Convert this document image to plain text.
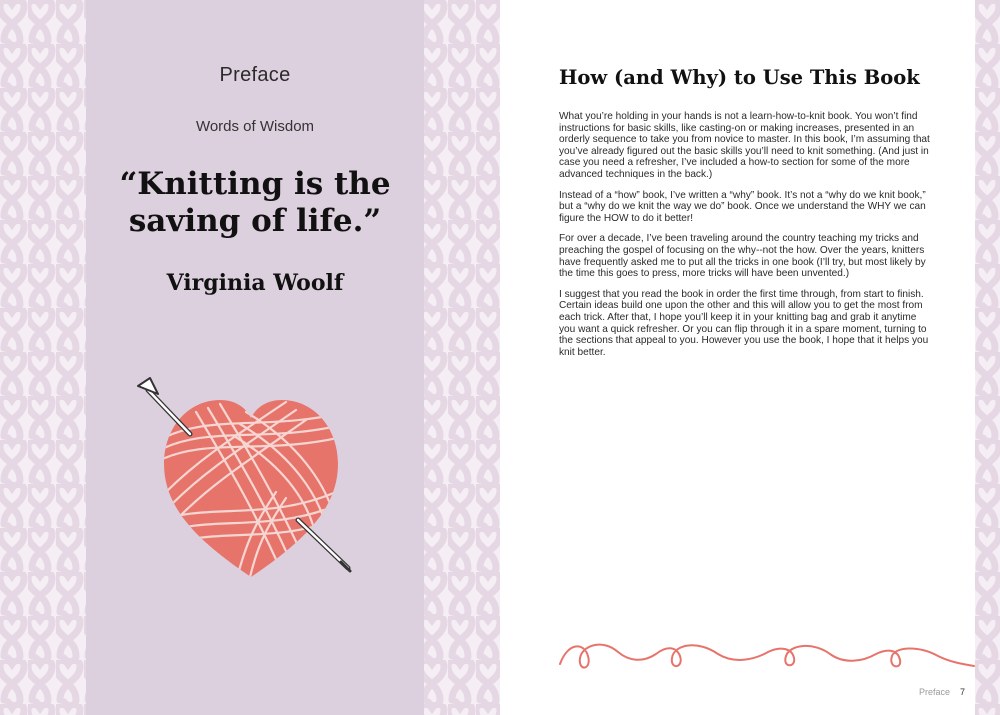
Preface
Words of Wisdom
“Knitting is the saving of life.”
Virginia Woolf
How (and Why) to Use This Book

What you’re holding in your hands is not a learn-how-to-knit book. You won’t find instructions for basic skills, like casting-on or making increases, presented in an orderly sequence to take you from novice to master. In this book, I’m assuming that you’ve already figured out the basic skills you’ll need to knit something. (And just in case you need a refresher, I’ve included a how-to section for some of the more advanced techniques in the back.)

Instead of a “how” book, I’ve written a “why” book. It’s not a “why do we knit book,” but a “why do we knit the way we do” book. Once we understand the WHY we can figure the HOW to do it better!

For over a decade, I’ve been traveling around the country teaching my tricks and preaching the gospel of focusing on the why--not the how. Over the years, knitters have frequently asked me to put all the tricks in one book (I’ll try, but most likely by the time this goes to press, more tricks will have been unvented.)

I suggest that you read the book in order the first time through, from start to finish. Certain ideas build one upon the other and this will allow you to get the most from each trick. After that, I hope you’ll keep it in your knitting bag and grab it anytime you want a quick refresher. Or you can flip through it in a spare moment, turning to the sections that appeal to you. However you use the book, I hope that it helps you knit better.

Preface 7
